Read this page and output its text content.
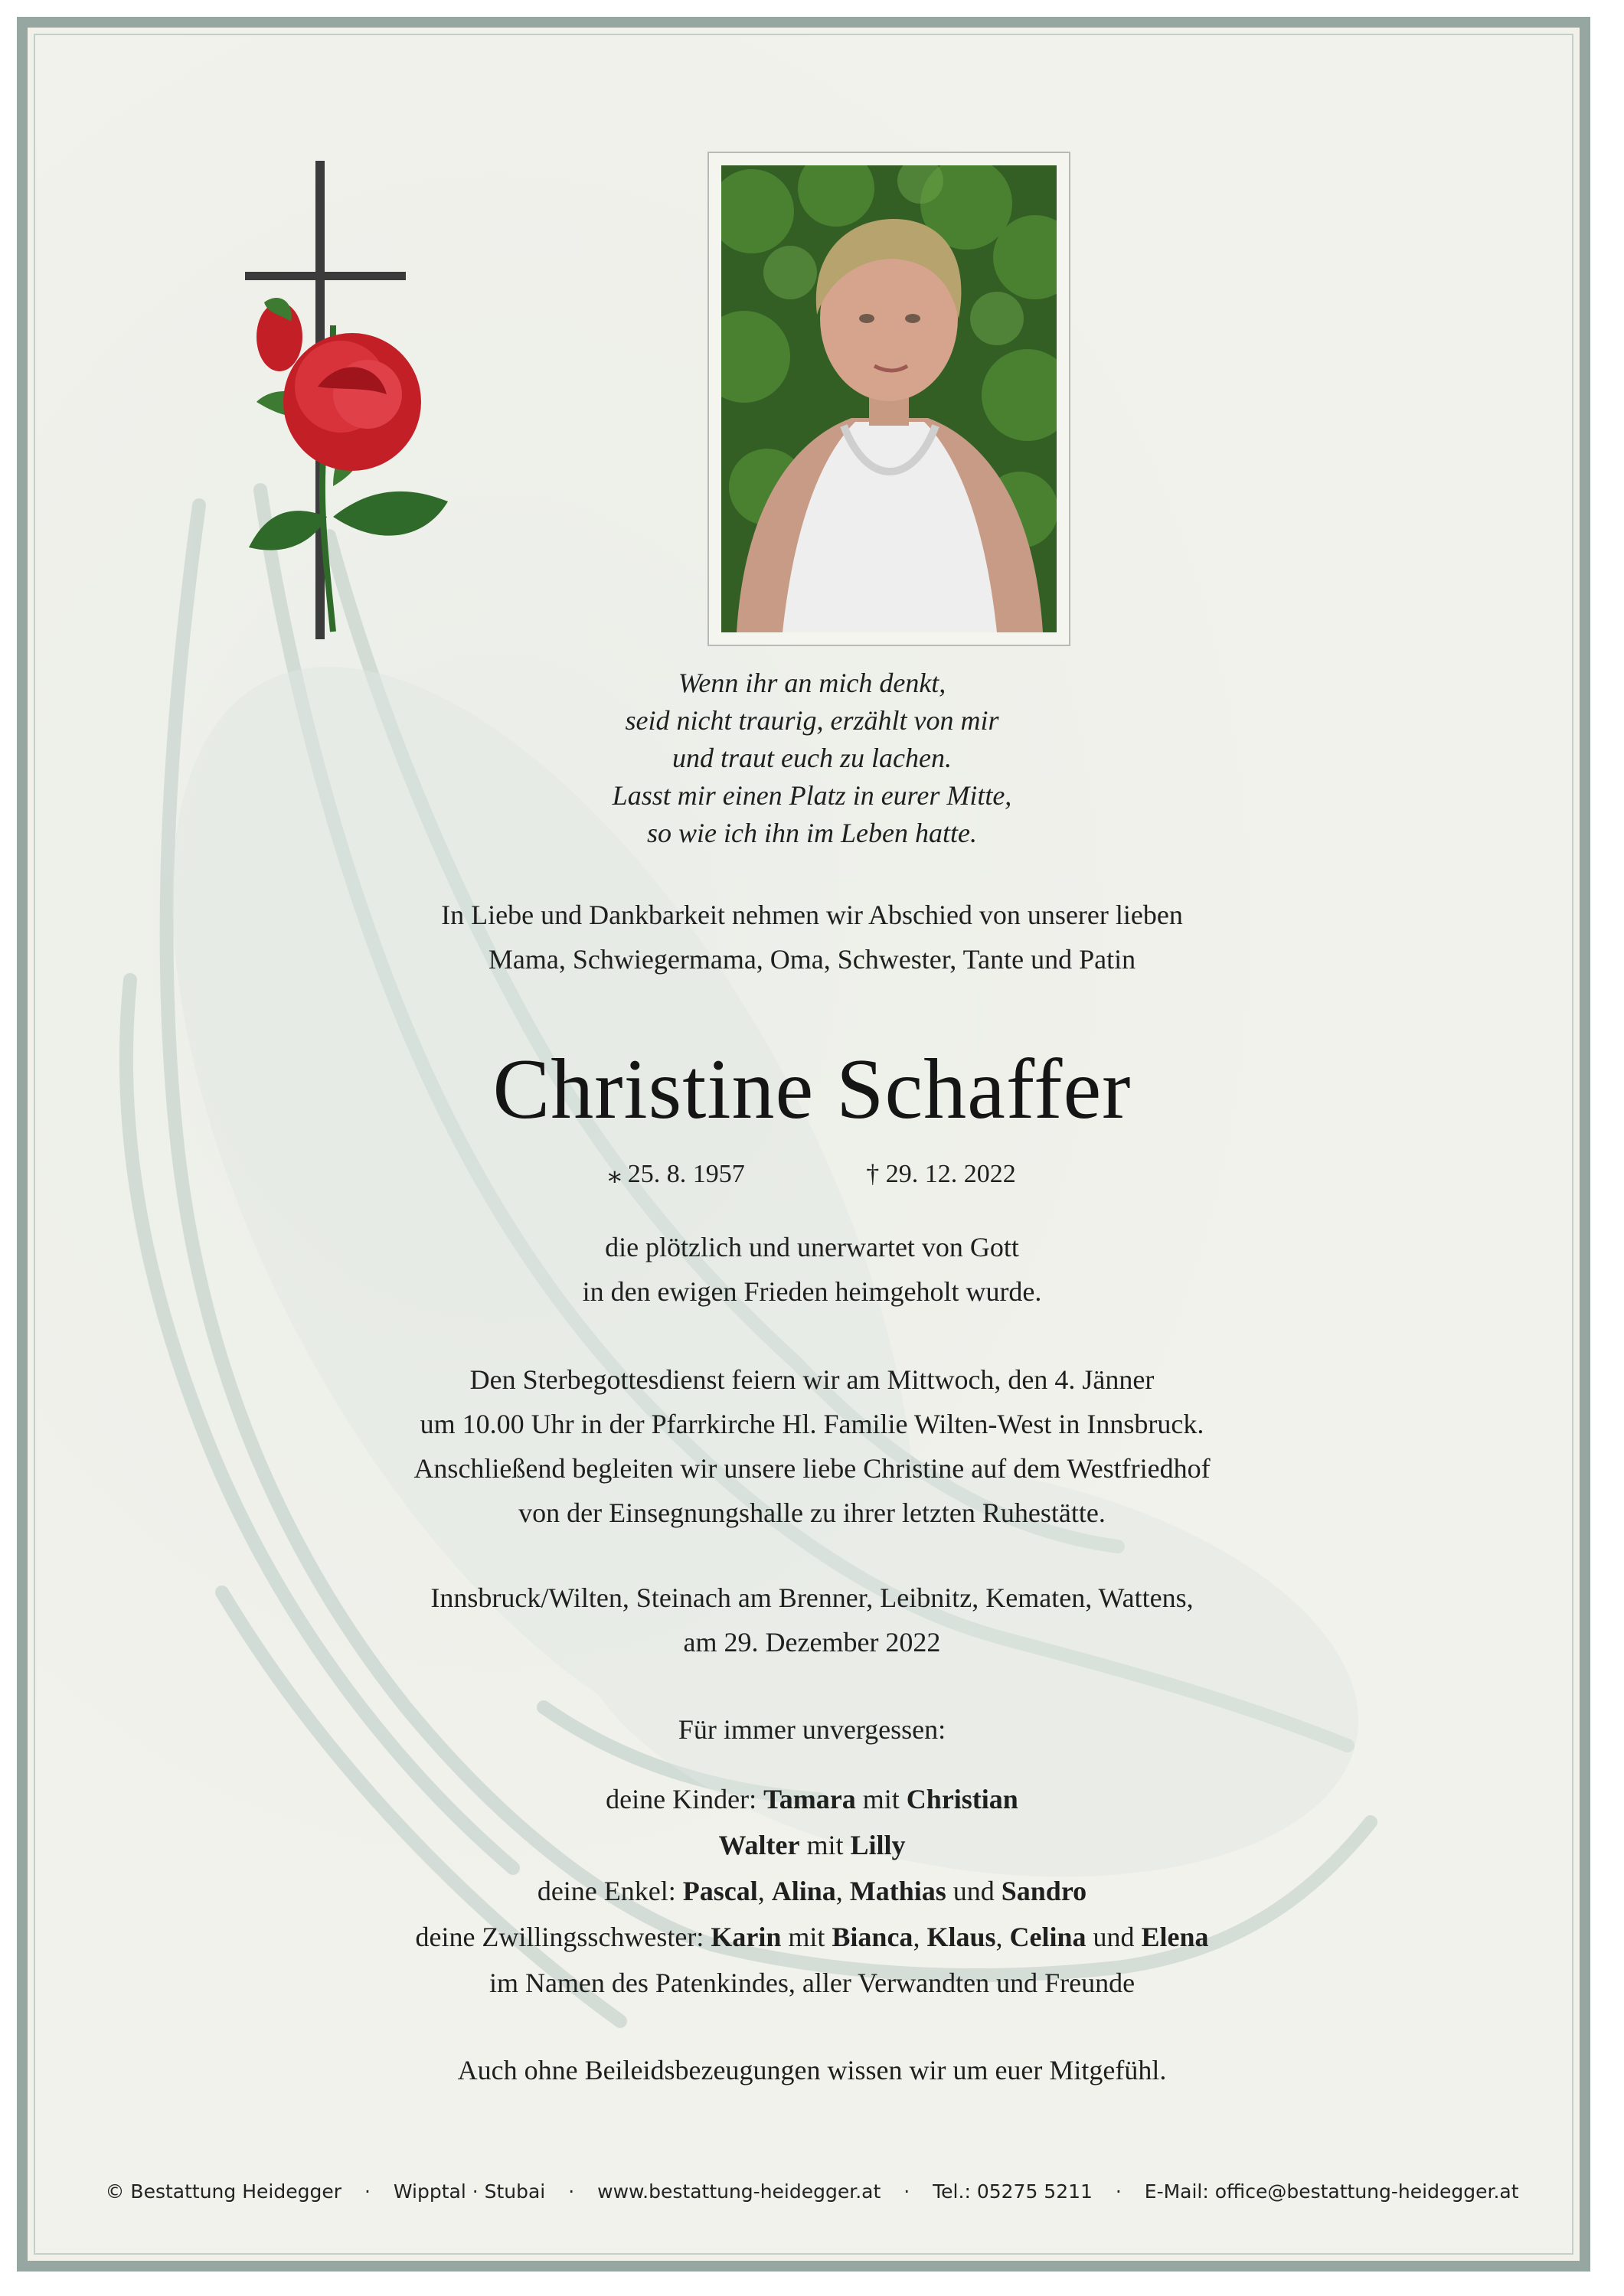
Wenn ihr an mich denkt,
seid nicht traurig, erzählt von mir
und traut euch zu lachen.
Lasst mir einen Platz in eurer Mitte,
so wie ich ihn im Leben hatte.
In Liebe und Dankbarkeit nehmen wir Abschied von unserer lieben
Mama, Schwiegermama, Oma, Schwester, Tante und Patin
Christine Schaffer
⁎ 25. 8. 1957	† 29. 12. 2022
die plötzlich und unerwartet von Gott
in den ewigen Frieden heimgeholt wurde.
Den Sterbegottesdienst feiern wir am Mittwoch, den 4. Jänner
um 10.00 Uhr in der Pfarrkirche Hl. Familie Wilten-West in Innsbruck.
Anschließend begleiten wir unsere liebe Christine auf dem Westfriedhof
von der Einsegnungshalle zu ihrer letzten Ruhestätte.
Innsbruck/Wilten, Steinach am Brenner, Leibnitz, Kematen, Wattens,
am 29. Dezember 2022
Für immer unvergessen:
deine Kinder: Tamara mit Christian
Walter mit Lilly
deine Enkel: Pascal, Alina, Mathias und Sandro
deine Zwillingsschwester: Karin mit Bianca, Klaus, Celina und Elena
im Namen des Patenkindes, aller Verwandten und Freunde
Auch ohne Beileidsbezeugungen wissen wir um euer Mitgefühl.
© Bestattung Heidegger · Wipptal · Stubai · www.bestattung-heidegger.at · Tel.: 05275 5211 · E-Mail: office@bestattung-heidegger.at
